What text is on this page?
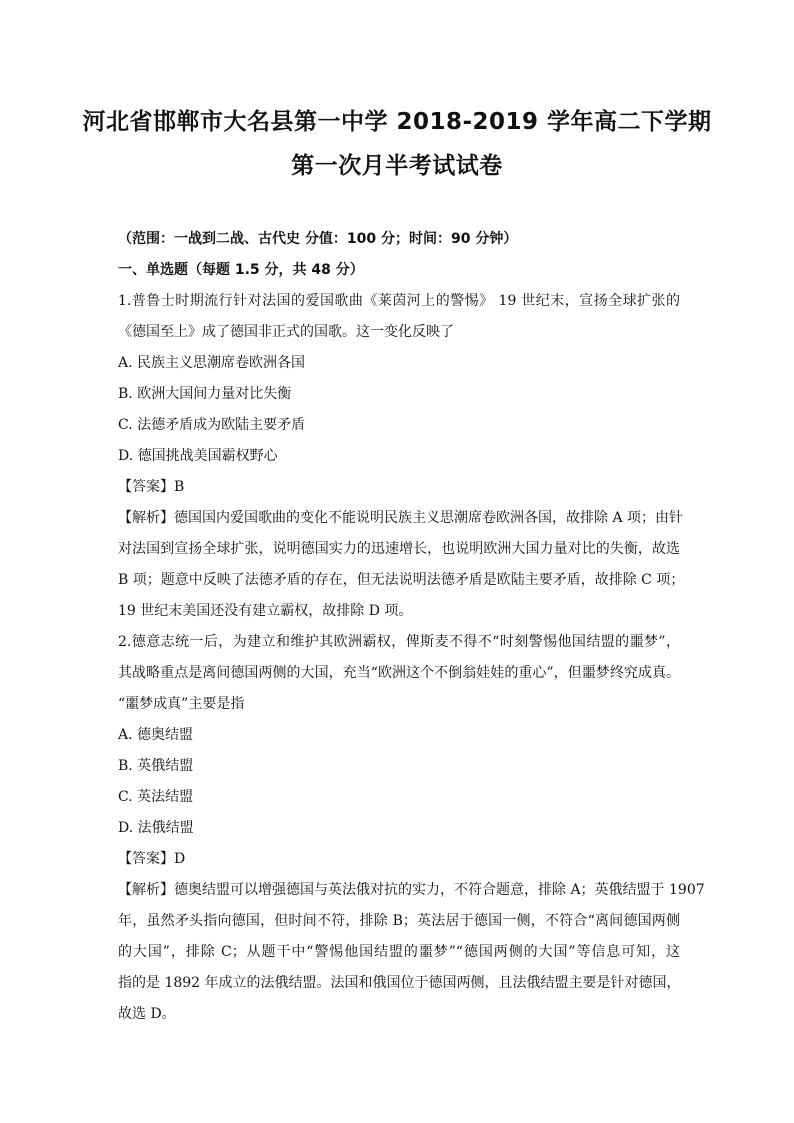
河北省邯郸市大名县第一中学 2018-2019 学年高二下学期
第一次月半考试试卷
（范围：一战到二战、古代史 分值：100 分；时间：90 分钟）
一、单选题（每题 1.5 分，共 48 分）
1.普鲁士时期流行针对法国的爱国歌曲《莱茵河上的警惕》 19 世纪末，宣扬全球扩张的
《德国至上》成了德国非正式的国歌。这一变化反映了
A. 民族主义思潮席卷欧洲各国
B. 欧洲大国间力量对比失衡
C. 法德矛盾成为欧陆主要矛盾
D. 德国挑战美国霸权野心
【答案】B
【解析】德国国内爱国歌曲的变化不能说明民族主义思潮席卷欧洲各国，故排除 A 项；由针
对法国到宣扬全球扩张，说明德国实力的迅速增长，也说明欧洲大国力量对比的失衡，故选
B 项；题意中反映了法德矛盾的存在，但无法说明法德矛盾是欧陆主要矛盾，故排除 C 项；
19 世纪末美国还没有建立霸权，故排除 D 项。
2.德意志统一后，为建立和维护其欧洲霸权，俾斯麦不得不“时刻警惕他国结盟的噩梦”，
其战略重点是离间德国两侧的大国，充当“欧洲这个不倒翁娃娃的重心”，但噩梦终究成真。
“噩梦成真”主要是指
A. 德奥结盟
B. 英俄结盟
C. 英法结盟
D. 法俄结盟
【答案】D
【解析】德奥结盟可以增强德国与英法俄对抗的实力，不符合题意，排除 A；英俄结盟于 1907
年，虽然矛头指向德国，但时间不符，排除 B；英法居于德国一侧，不符合“离间德国两侧
的大国”，排除 C；从题干中“警惕他国结盟的噩梦”“德国两侧的大国”等信息可知，这
指的是 1892 年成立的法俄结盟。法国和俄国位于德国两侧，且法俄结盟主要是针对德国，
故选 D。
